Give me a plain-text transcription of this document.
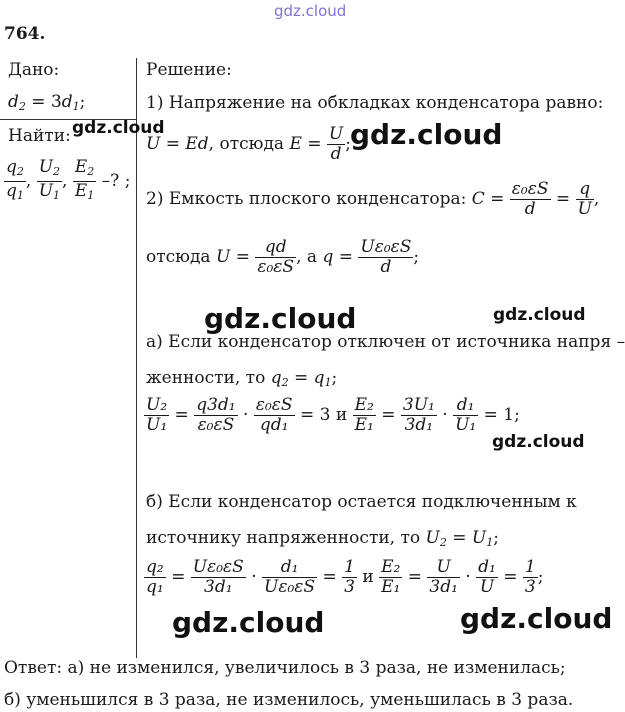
gdz.cloud
764.
Дано:
$d_2 = 3d_1$;
Найти: gdz.cloud
$\frac{q_2}{q_1}$ , $\frac{U_2}{U_1}$ , $\frac{E_2}{E_1}$ –? ;
Решение:
1) Напряжение на обкладках конденсатора равно:
U = Ed, отсюда $E = \frac{U}{d}$ ; gdz.cloud
2) Емкость плоского конденсатора: $C = \frac{\text{ε₀εS}}{d} = \frac{q}{U}$ ,
отсюда $U = \frac{qd}{\text{ε₀εS}}$ , а $q = \frac{\text{Uε₀εS}}{d}$ ;
gdz.cloud	gdz.cloud
а) Если конденсатор отключен от источника напря –
женности, то $q_2 = q_1$;
$\frac{\text{U₂}}{\text{U₁}} = \frac{\text{q3d₁}}{\text{ε₀εS}} \cdot \frac{\text{ε₀εS}}{\text{qd₁}} = 3$ и $\frac{\text{E₂}}{\text{E₁}} = \frac{\text{3U₁}}{\text{3d₁}} \cdot \frac{\text{d₁}}{\text{U₁}} = 1$;
gdz.cloud
б) Если конденсатор остается подключенным к
источнику напряженности, то $U_2 = U_1$;
$\frac{\text{q₂}}{\text{q₁}} = \frac{\text{Uε₀εS}}{\text{3d₁}} \cdot \frac{\text{d₁}}{\text{Uε₀εS}} = \frac{1}{3}$ и $\frac{\text{E₂}}{\text{E₁}} = \frac{U}{\text{3d₁}} \cdot \frac{\text{d₁}}{U} = \frac{1}{3}$ ;
gdz.cloud	gdz.cloud
Ответ: а) не изменился, увеличилось в 3 раза, не изменилась;
б) уменьшился в 3 раза, не изменилось, уменьшилась в 3 раза.
